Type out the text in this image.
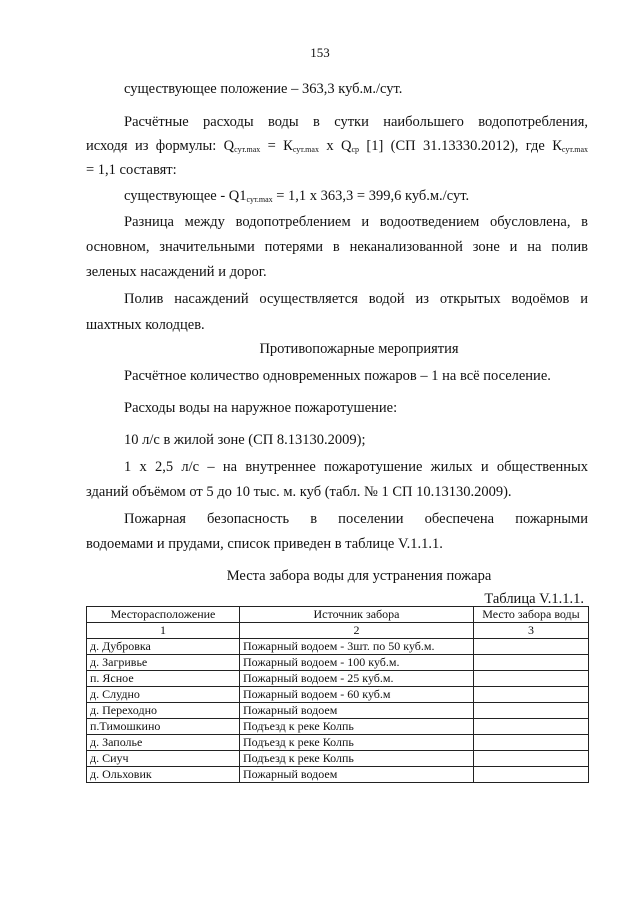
153
существующее положение – 363,3 куб.м./сут.
Расчётные расходы воды в сутки наибольшего водопотребления,
исходя из формулы: $Q_{сут.max} = К_{сут.max}$ х $Q_{ср}$ [1] (СП 31.13330.2012), где $К_{сут.max}$
= 1,1 составят:
существующее - $Q1_{сут.max} = 1,1$ х 363,3 = 399,6 куб.м./сут.
Разница между водопотреблением и водоотведением обусловлена, в
основном, значительными потерями в неканализованной зоне и на полив
зеленых насаждений и дорог.
Полив насаждений осуществляется водой из открытых водоёмов и
шахтных колодцев.
Противопожарные мероприятия
Расчётное количество одновременных пожаров – 1 на всё поселение.
Расходы воды на наружное пожаротушение:
10 л/с в жилой зоне (СП 8.13130.2009);
1 х 2,5 л/с – на внутреннее пожаротушение жилых и общественных
зданий объёмом от 5 до 10 тыс. м. куб (табл. № 1 СП 10.13130.2009).
Пожарная безопасность в поселении обеспечена пожарными
водоемами и прудами, список приведен в таблице V.1.1.1.
Места забора воды для устранения пожара
Таблица V.1.1.1.
Месторасположение	Источник забора	Место забора воды
1	2	3
д. Дубровка	Пожарный водоем - 3шт. по 50 куб.м.	
д. Загривье	Пожарный водоем - 100 куб.м.	
п. Ясное	Пожарный водоем - 25 куб.м.	
д. Слудно	Пожарный водоем - 60 куб.м	
д. Переходно	Пожарный водоем	
п.Тимошкино	Подъезд к реке Колпь	
д. Заполье	Подъезд к реке Колпь	
д. Сиуч	Подъезд к реке Колпь	
д. Ольховик	Пожарный водоем	
